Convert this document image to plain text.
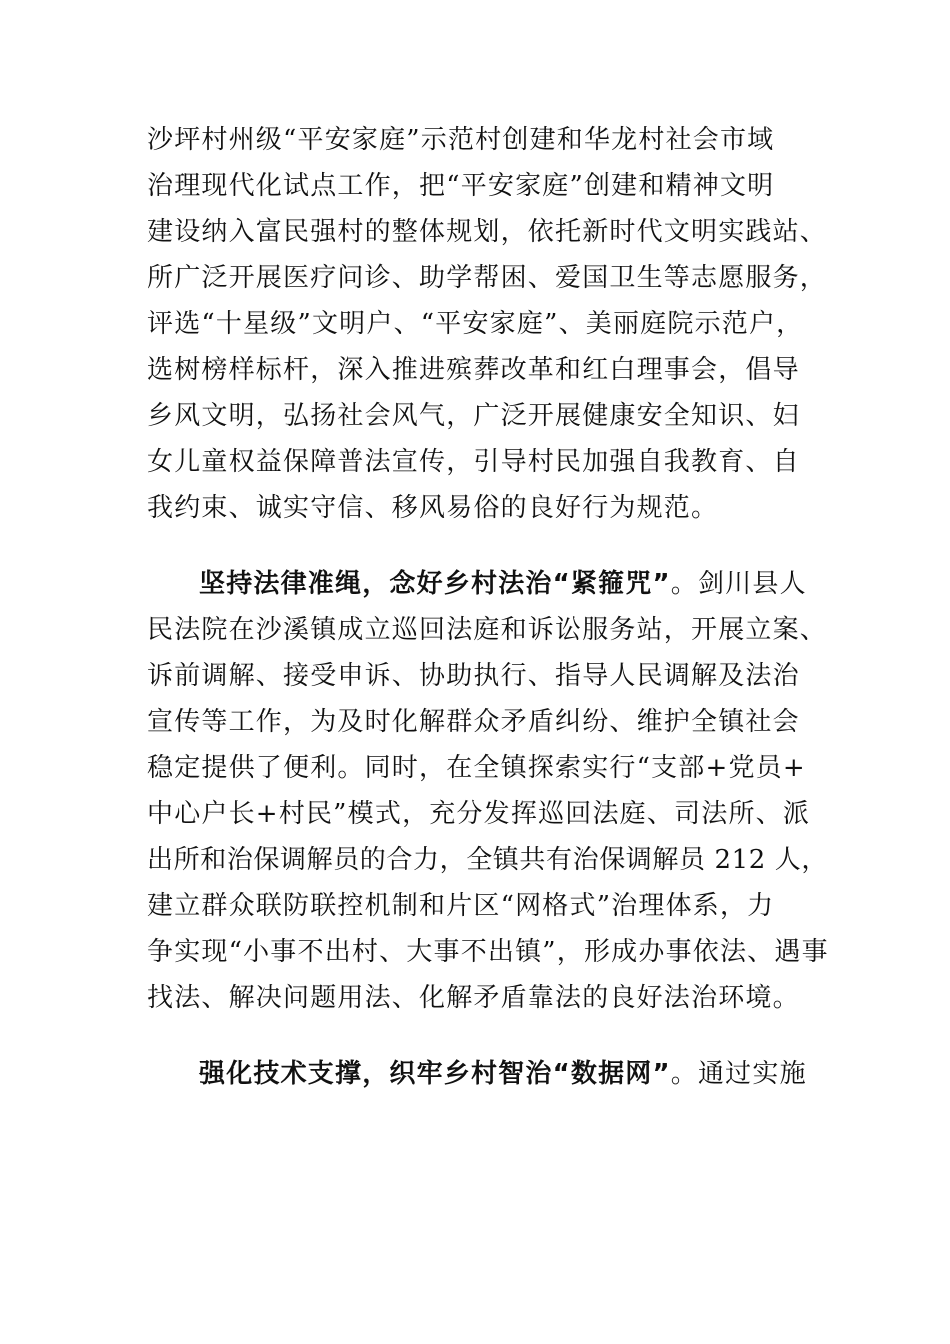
沙坪村州级“平安家庭”示范村创建和华龙村社会市域
治理现代化试点工作，把“平安家庭”创建和精神文明
建设纳入富民强村的整体规划，依托新时代文明实践站、
所广泛开展医疗问诊、助学帮困、爱国卫生等志愿服务，
评选“十星级”文明户、“平安家庭”、美丽庭院示范户，
选树榜样标杆，深入推进殡葬改革和红白理事会，倡导
乡风文明，弘扬社会风气，广泛开展健康安全知识、妇
女儿童权益保障普法宣传，引导村民加强自我教育、自
我约束、诚实守信、移风易俗的良好行为规范。
坚持法律准绳，念好乡村法治“紧箍咒”。剑川县人
民法院在沙溪镇成立巡回法庭和诉讼服务站，开展立案、
诉前调解、接受申诉、协助执行、指导人民调解及法治
宣传等工作，为及时化解群众矛盾纠纷、维护全镇社会
稳定提供了便利。同时，在全镇探索实行“支部+党员+
中心户长+村民”模式，充分发挥巡回法庭、司法所、派
出所和治保调解员的合力，全镇共有治保调解员 212 人，
建立群众联防联控机制和片区“网格式”治理体系，力
争实现“小事不出村、大事不出镇”，形成办事依法、遇事
找法、解决问题用法、化解矛盾靠法的良好法治环境。
强化技术支撑，织牢乡村智治“数据网”。通过实施
